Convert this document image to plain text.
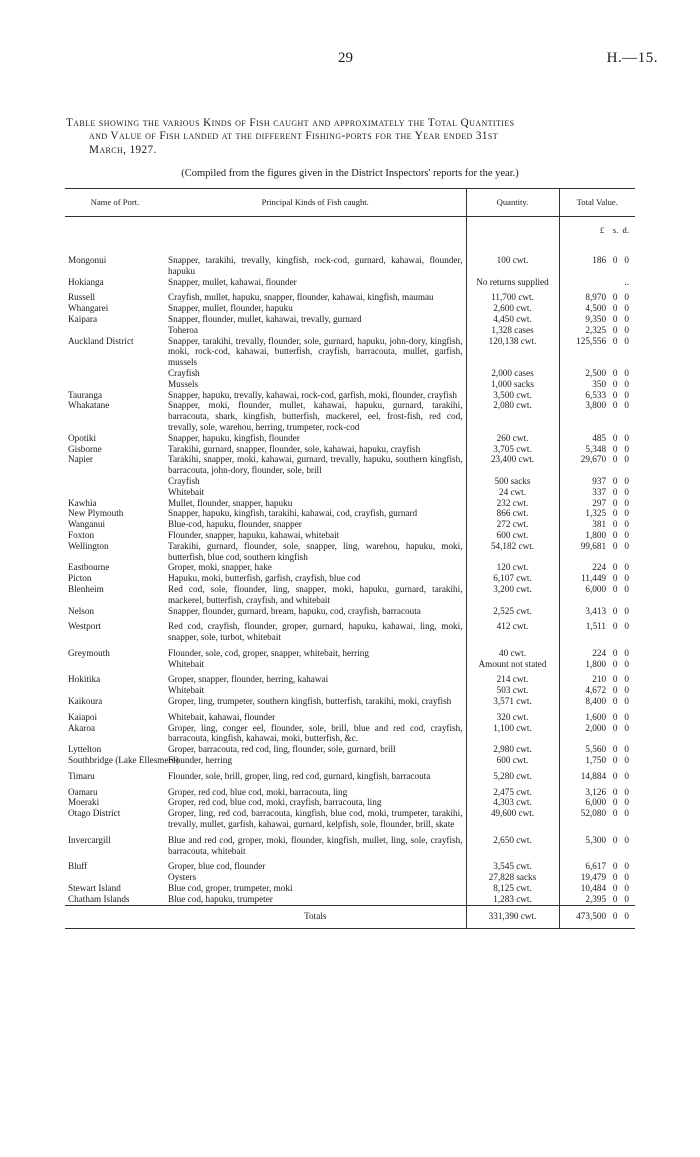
29	H.—15.
Table showing the various Kinds of Fish caught and approximately the Total Quantities
and Value of Fish landed at the different Fishing-ports for the Year ended 31st
March, 1927.
(Compiled from the figures given in the District Inspectors' reports for the year.)
Name of Port.	Principal Kinds of Fish caught.	Quantity.	Total Value.
			£    s.  d.
Mongonui	Snapper, tarakihi, trevally, kingfish, rock-cod, gurnard, kahawai, flounder, hapuku	100 cwt.	186   0   0
Hokianga	Snapper, mullet, kahawai, flounder	No returns supplied	..
Russell	Crayfish, mullet, hapuku, snapper, flounder, kahawai, kingfish, maumau	11,700 cwt.	8,970   0   0
Whangarei	Snapper, mullet, flounder, hapuku	2,600 cwt.	4,500   0   0
Kaipara	Snapper, flounder, mullet, kahawai, trevally, gurnard	4,450 cwt.	9,350   0   0
	Toheroa	1,328 cases	2,325   0   0
Auckland District	Snapper, tarakihi, trevally, flounder, sole, gurnard, hapuku, john-dory, kingfish, moki, rock-cod, kahawai, butterfish, crayfish, barracouta, mullet, garfish, mussels	120,138 cwt.	125,556   0   0
	Crayfish	2,000 cases	2,500   0   0
	Mussels	1,000 sacks	350   0   0
Tauranga	Snapper, hapuku, trevally, kahawai, rock-cod, garfish, moki, flounder, crayfish	3,500 cwt.	6,533   0   0
Whakatane	Snapper, moki, flounder, mullet, kahawai, hapuku, gurnard, tarakihi, barracouta, shark, kingfish, butterfish, mackerel, eel, frost-fish, red cod, trevally, sole, warehou, herring, trumpeter, rock-cod	2,080 cwt.	3,800   0   0
Opotiki	Snapper, hapuku, kingfish, flounder	260 cwt.	485   0   0
Gisborne	Tarakihi, gurnard, snapper, flounder, sole, kahawai, hapuku, crayfish	3,705 cwt.	5,348   0   0
Napier	Tarakihi, snapper, moki, kahawai, gurnard, trevally, hapuku, southern kingfish, barracouta, john-dory, flounder, sole, brill	23,400 cwt.	29,670   0   0
	Crayfish	500 sacks	937   0   0
	Whitebait	24 cwt.	337   0   0
Kawhia	Mullet, flounder, snapper, hapuku	232 cwt.	297   0   0
New Plymouth	Snapper, hapuku, kingfish, tarakihi, kahawai, cod, crayfish, gurnard	866 cwt.	1,325   0   0
Wanganui	Blue-cod, hapuku, flounder, snapper	272 cwt.	381   0   0
Foxton	Flounder, snapper, hapuku, kahawai, whitebait	600 cwt.	1,800   0   0
Wellington	Tarakihi, gurnard, flounder, sole, snapper, ling, warehou, hapuku, moki, butterfish, blue cod, southern kingfish	54,182 cwt.	99,681   0   0
Eastbourne	Groper, moki, snapper, hake	120 cwt.	224   0   0
Picton	Hapuku, moki, butterfish, garfish, crayfish, blue cod	6,107 cwt.	11,449   0   0
Blenheim	Red cod, sole, flounder, ling, snapper, moki, hapuku, gurnard, tarakihi, mackerel, butterfish, crayfish, and whitebait	3,200 cwt.	6,000   0   0
Nelson	Snapper, flounder, gurnard, bream, hapuku, cod, crayfish, barracouta	2,525 cwt.	3,413   0   0
Westport	Red cod, crayfish, flounder, groper, gurnard, hapuku, kahawai, ling, moki, snapper, sole, turbot, whitebait	412 cwt.	1,511   0   0
Greymouth	Flounder, sole, cod, groper, snapper, whitebait, herring	40 cwt.	224   0   0
	Whitebait	Amount not stated	1,800   0   0
Hokitika	Groper, snapper, flounder, herring, kahawai	214 cwt.	210   0   0
	Whitebait	503 cwt.	4,672   0   0
Kaikoura	Groper, ling, trumpeter, southern kingfish, butterfish, tarakihi, moki, crayfish	3,571 cwt.	8,400   0   0
Kaiapoi	Whitebait, kahawai, flounder	320 cwt.	1,600   0   0
Akaroa	Groper, ling, conger eel, flounder, sole, brill, blue and red cod, crayfish, barracouta, kingfish, kahawai, moki, butterfish, &c.	1,100 cwt.	2,000   0   0
Lyttelton	Groper, barracouta, red cod, ling, flounder, sole, gurnard, brill	2,980 cwt.	5,560   0   0
Southbridge (Lake Ellesmere)	Flounder, herring	600 cwt.	1,750   0   0
Timaru	Flounder, sole, brill, groper, ling, red cod, gurnard, kingfish, barracouta	5,280 cwt.	14,884   0   0
Oamaru	Groper, red cod, blue cod, moki, barracouta, ling	2,475 cwt.	3,126   0   0
Moeraki	Groper, red cod, blue cod, moki, crayfish, barracouta, ling	4,303 cwt.	6,000   0   0
Otago District	Groper, ling, red cod, barracouta, kingfish, blue cod, moki, trumpeter, tarakihi, trevally, mullet, garfish, kahawai, gurnard, kelpfish, sole, flounder, brill, skate	49,600 cwt.	52,080   0   0
Invercargill	Blue and red cod, groper, moki, flounder, kingfish, mullet, ling, sole, crayfish, barracouta, whitebait	2,650 cwt.	5,300   0   0
Bluff	Groper, blue cod, flounder	3,545 cwt.	6,617   0   0
	Oysters	27,828 sacks	19,479   0   0
Stewart Island	Blue cod, groper, trumpeter, moki	8,125 cwt.	10,484   0   0
Chatham Islands	Blue cod, hapuku, trumpeter	1,283 cwt.	2,395   0   0
	Totals	331,390 cwt.	473,500   0   0
